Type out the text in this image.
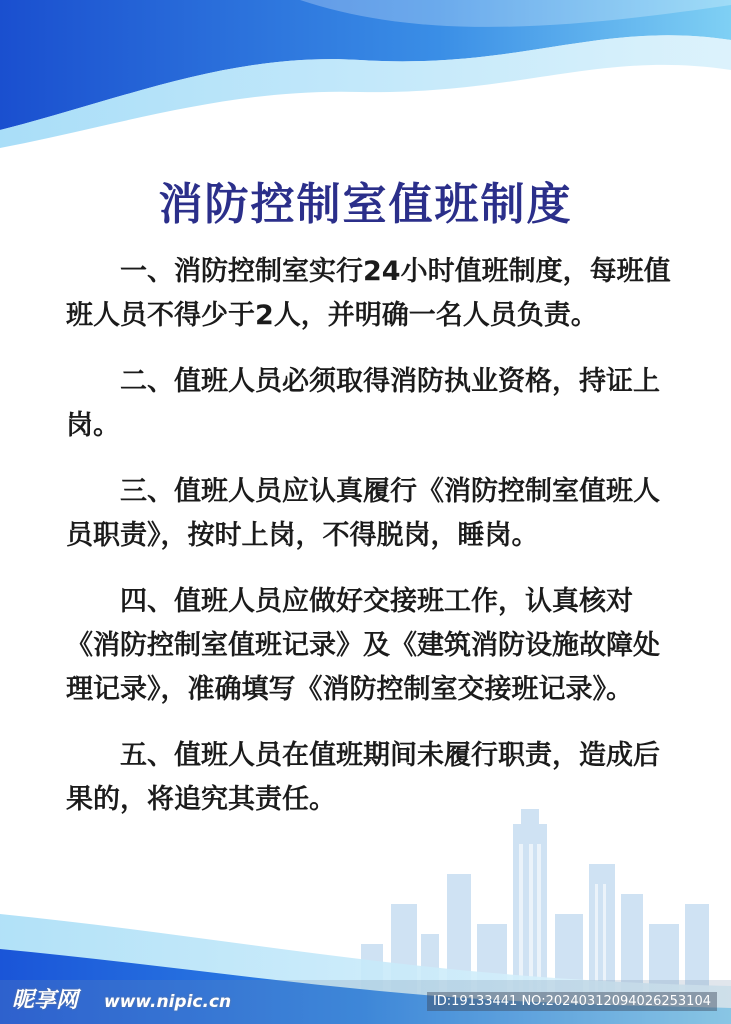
消防控制室值班制度

一、消防控制室实行24小时值班制度，每班值班人员不得少于2人，并明确一名人员负责。

二、值班人员必须取得消防执业资格，持证上岗。

三、值班人员应认真履行《消防控制室值班人员职责》，按时上岗，不得脱岗，睡岗。

四、值班人员应做好交接班工作，认真核对《消防控制室值班记录》及《建筑消防设施故障处理记录》，准确填写《消防控制室交接班记录》。

五、值班人员在值班期间未履行职责，造成后果的，将追究其责任。

昵享网 www.nipic.cn	ID:19133441 NO:20240312094026253104
